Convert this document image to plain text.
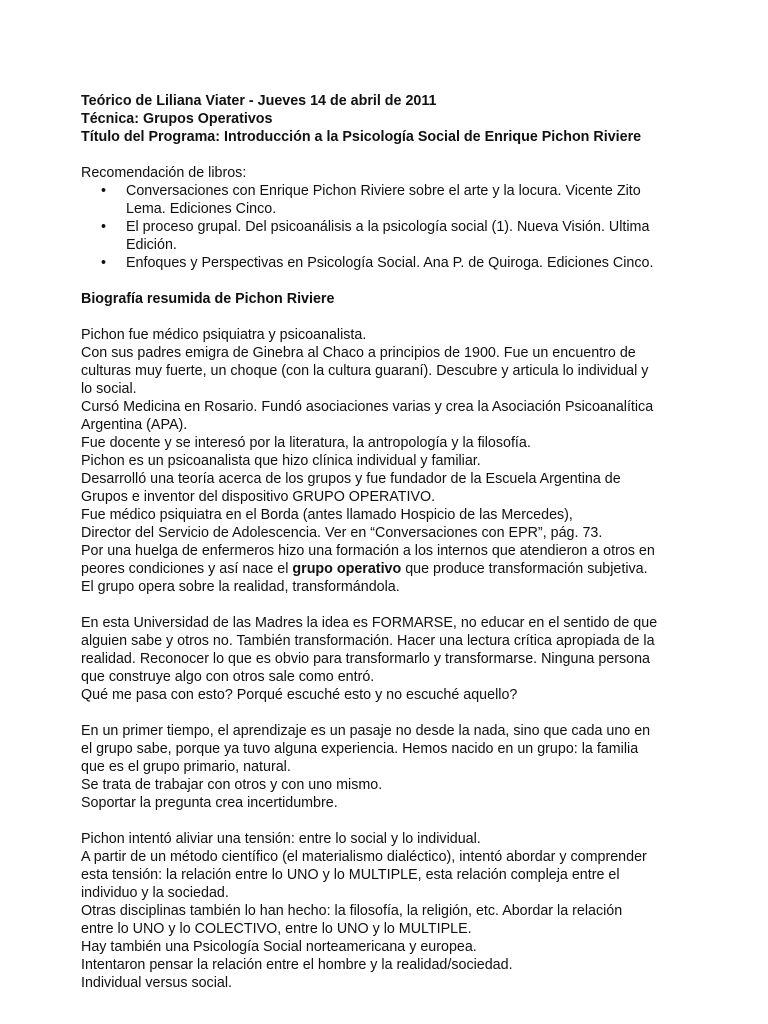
Teórico de Liliana Viater - Jueves 14 de abril de 2011

Técnica: Grupos Operativos

Título del Programa: Introducción a la Psicología Social de Enrique Pichon Riviere

Recomendación de libros:

• Conversaciones con Enrique Pichon Riviere sobre el arte y la locura. Vicente Zito
Lema. Ediciones Cinco.
• El proceso grupal. Del psicoanálisis a la psicología social (1). Nueva Visión. Ultima
Edición.
• Enfoques y Perspectivas en Psicología Social. Ana P. de Quiroga. Ediciones Cinco.

Biografía resumida de Pichon Riviere

Pichon fue médico psiquiatra y psicoanalista.
Con sus padres emigra de Ginebra al Chaco a principios de 1900. Fue un encuentro de
culturas muy fuerte, un choque (con la cultura guaraní). Descubre y articula lo individual y
lo social.
Cursó Medicina en Rosario. Fundó asociaciones varias y crea la Asociación Psicoanalítica
Argentina (APA).
Fue docente y se interesó por la literatura, la antropología y la filosofía.
Pichon es un psicoanalista que hizo clínica individual y familiar.
Desarrolló una teoría acerca de los grupos y fue fundador de la Escuela Argentina de
Grupos e inventor del dispositivo GRUPO OPERATIVO.
Fue médico psiquiatra en el Borda (antes llamado Hospicio de las Mercedes),
Director del Servicio de Adolescencia. Ver en “Conversaciones con EPR”, pág. 73.
Por una huelga de enfermeros hizo una formación a los internos que atendieron a otros en
peores condiciones y así nace el grupo operativo que produce transformación subjetiva.
El grupo opera sobre la realidad, transformándola.
En esta Universidad de las Madres la idea es FORMARSE, no educar en el sentido de que
alguien sabe y otros no. También transformación. Hacer una lectura crítica apropiada de la
realidad. Reconocer lo que es obvio para transformarlo y transformarse. Ninguna persona
que construye algo con otros sale como entró.
Qué me pasa con esto? Porqué escuché esto y no escuché aquello?
En un primer tiempo, el aprendizaje es un pasaje no desde la nada, sino que cada uno en
el grupo sabe, porque ya tuvo alguna experiencia. Hemos nacido en un grupo: la familia
que es el grupo primario, natural.
Se trata de trabajar con otros y con uno mismo.
Soportar la pregunta crea incertidumbre.
Pichon intentó aliviar una tensión: entre lo social y lo individual.
A partir de un método científico (el materialismo dialéctico), intentó abordar y comprender
esta tensión: la relación entre lo UNO y lo MULTIPLE, esta relación compleja entre el
individuo y la sociedad.
Otras disciplinas también lo han hecho: la filosofía, la religión, etc. Abordar la relación
entre lo UNO y lo COLECTIVO, entre lo UNO y lo MULTIPLE.
Hay también una Psicología Social norteamericana y europea.
Intentaron pensar la relación entre el hombre y la realidad/sociedad.
Individual versus social.
